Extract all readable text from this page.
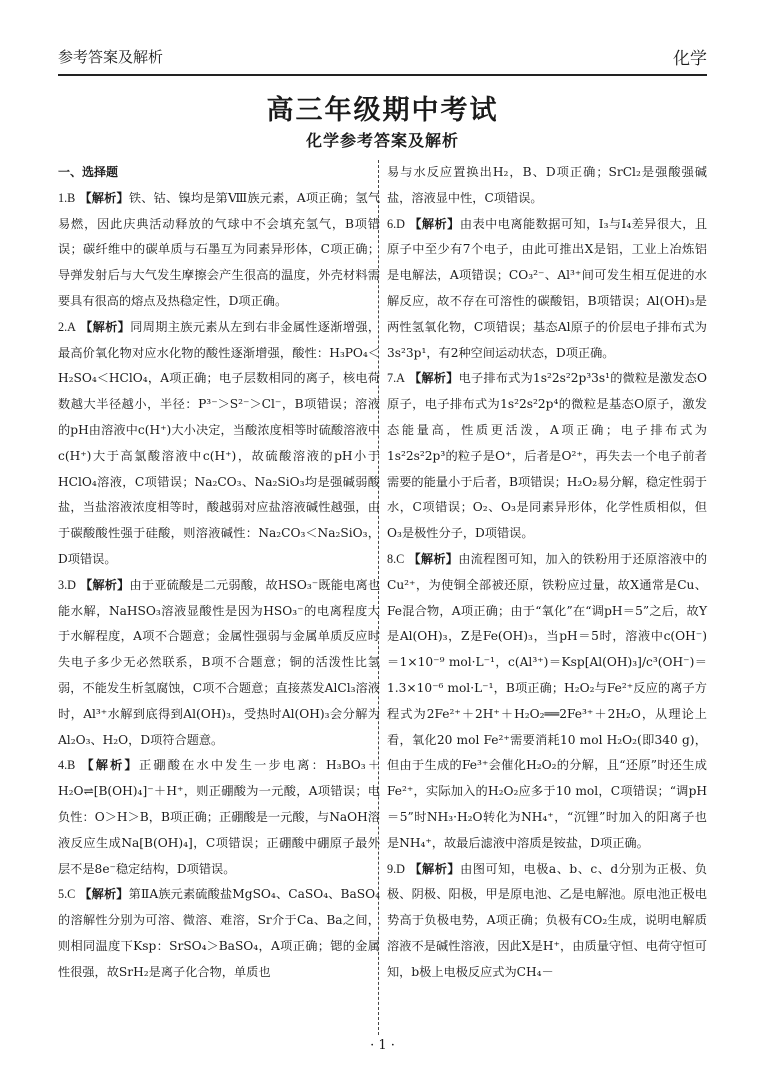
参考答案及解析	化学
高三年级期中考试
化学参考答案及解析
一、选择题

1.B 【解析】铁、钴、镍均是第Ⅷ族元素，A项正确；氢气易燃，因此庆典活动释放的气球中不会填充氢气，B项错误；碳纤维中的碳单质与石墨互为同素异形体，C项正确；导弹发射后与大气发生摩擦会产生很高的温度，外壳材料需要具有很高的熔点及热稳定性，D项正确。

2.A 【解析】同周期主族元素从左到右非金属性逐渐增强，最高价氧化物对应水化物的酸性逐渐增强，酸性：H₃PO₄＜H₂SO₄＜HClO₄，A项正确；电子层数相同的离子，核电荷数越大半径越小，半径：P³⁻＞S²⁻＞Cl⁻，B项错误；溶液的pH由溶液中c(H⁺)大小决定，当酸浓度相等时硫酸溶液中c(H⁺)大于高氯酸溶液中c(H⁺)，故硫酸溶液的pH小于HClO₄溶液，C项错误；Na₂CO₃、Na₂SiO₃均是强碱弱酸盐，当盐溶液浓度相等时，酸越弱对应盐溶液碱性越强，由于碳酸酸性强于硅酸，则溶液碱性：Na₂CO₃＜Na₂SiO₃，D项错误。

3.D 【解析】由于亚硫酸是二元弱酸，故HSO₃⁻既能电离也能水解，NaHSO₃溶液显酸性是因为HSO₃⁻的电离程度大于水解程度，A项不合题意；金属性强弱与金属单质反应时失电子多少无必然联系，B项不合题意；铜的活泼性比氢弱，不能发生析氢腐蚀，C项不合题意；直接蒸发AlCl₃溶液时，Al³⁺水解到底得到Al(OH)₃，受热时Al(OH)₃会分解为Al₂O₃、H₂O，D项符合题意。

4.B 【解析】正硼酸在水中发生一步电离：H₃BO₃＋H₂O⇌[B(OH)₄]⁻＋H⁺，则正硼酸为一元酸，A项错误；电负性：O＞H＞B，B项正确；正硼酸是一元酸，与NaOH溶液反应生成Na[B(OH)₄]，C项错误；正硼酸中硼原子最外层不是8e⁻稳定结构，D项错误。

5.C 【解析】第ⅡA族元素硫酸盐MgSO₄、CaSO₄、BaSO₄的溶解性分别为可溶、微溶、难溶，Sr介于Ca、Ba之间，则相同温度下Ksp：SrSO₄＞BaSO₄，A项正确；锶的金属性很强，故SrH₂是离子化合物，单质也

易与水反应置换出H₂，B、D项正确；SrCl₂是强酸强碱盐，溶液显中性，C项错误。

6.D 【解析】由表中电离能数据可知，I₃与I₄差异很大，且原子中至少有7个电子，由此可推出X是铝，工业上冶炼铝是电解法，A项错误；CO₃²⁻、Al³⁺间可发生相互促进的水解反应，故不存在可溶性的碳酸铝，B项错误；Al(OH)₃是两性氢氧化物，C项错误；基态Al原子的价层电子排布式为3s²3p¹，有2种空间运动状态，D项正确。

7.A 【解析】电子排布式为1s²2s²2p³3s¹的微粒是激发态O原子，电子排布式为1s²2s²2p⁴的微粒是基态O原子，激发态能量高，性质更活泼，A项正确；电子排布式为1s²2s²2p³的粒子是O⁺，后者是O²⁺，再失去一个电子前者需要的能量小于后者，B项错误；H₂O₂易分解，稳定性弱于水，C项错误；O₂、O₃是同素异形体，化学性质相似，但O₃是极性分子，D项错误。

8.C 【解析】由流程图可知，加入的铁粉用于还原溶液中的Cu²⁺，为使铜全部被还原，铁粉应过量，故X通常是Cu、Fe混合物，A项正确；由于“氧化”在“调pH＝5”之后，故Y是Al(OH)₃，Z是Fe(OH)₃，当pH＝5时，溶液中c(OH⁻)＝1×10⁻⁹ mol·L⁻¹，c(Al³⁺)＝Ksp[Al(OH)₃]/c³(OH⁻)＝1.3×10⁻⁶ mol·L⁻¹，B项正确；H₂O₂与Fe²⁺反应的离子方程式为2Fe²⁺＋2H⁺＋H₂O₂══2Fe³⁺＋2H₂O，从理论上看，氧化20 mol Fe²⁺需要消耗10 mol H₂O₂(即340 g)，但由于生成的Fe³⁺会催化H₂O₂的分解，且“还原”时还生成Fe²⁺，实际加入的H₂O₂应多于10 mol，C项错误；“调pH＝5”时NH₃·H₂O转化为NH₄⁺，“沉锂”时加入的阳离子也是NH₄⁺，故最后滤液中溶质是铵盐，D项正确。

9.D 【解析】由图可知，电极a、b、c、d分别为正极、负极、阴极、阳极，甲是原电池、乙是电解池。原电池正极电势高于负极电势，A项正确；负极有CO₂生成，说明电解质溶液不是碱性溶液，因此X是H⁺，由质量守恒、电荷守恒可知，b极上电极反应式为CH₄－

· 1 ·
